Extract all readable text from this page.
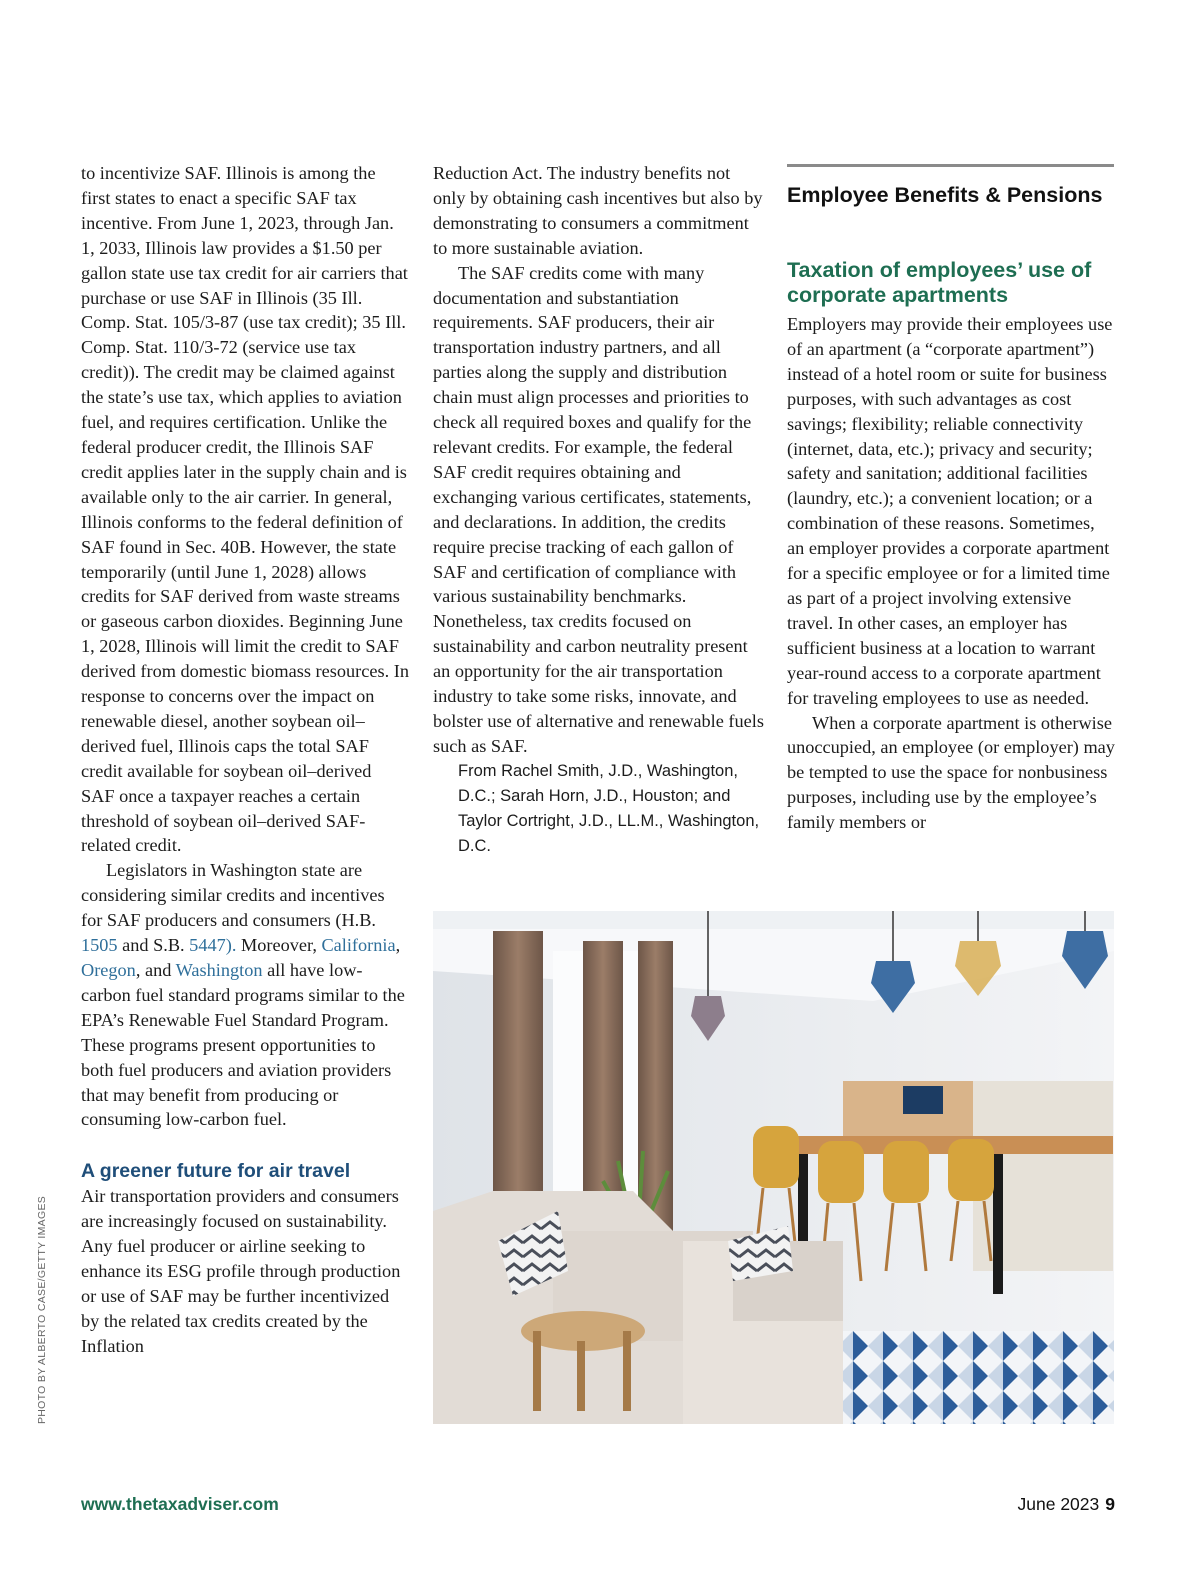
to incentivize SAF. Illinois is among the first states to enact a specific SAF tax incentive. From June 1, 2023, through Jan. 1, 2033, Illinois law provides a $1.50 per gallon state use tax credit for air carriers that purchase or use SAF in Illinois (35 Ill. Comp. Stat. 105/3-87 (use tax credit); 35 Ill. Comp. Stat. 110/3-72 (service use tax credit)). The credit may be claimed against the state’s use tax, which applies to aviation fuel, and requires certification. Unlike the federal producer credit, the Illinois SAF credit applies later in the supply chain and is available only to the air carrier. In general, Illinois conforms to the federal definition of SAF found in Sec. 40B. However, the state temporarily (until June 1, 2028) allows credits for SAF derived from waste streams or gaseous carbon dioxides. Beginning June 1, 2028, Illinois will limit the credit to SAF derived from domestic biomass resources. In response to concerns over the impact on renewable diesel, another soybean oil–derived fuel, Illinois caps the total SAF credit available for soybean oil–derived SAF once a taxpayer reaches a certain threshold of soybean oil–derived SAF-related credit.

Legislators in Washington state are considering similar credits and incentives for SAF producers and consumers (H.B. 1505 and S.B. 5447). Moreover, California, Oregon, and Washington all have low-carbon fuel standard programs similar to the EPA’s Renewable Fuel Standard Program. These programs present opportunities to both fuel producers and aviation providers that may benefit from producing or consuming low-carbon fuel.

A greener future for air travel

Air transportation providers and consumers are increasingly focused on sustainability. Any fuel producer or airline seeking to enhance its ESG profile through production or use of SAF may be further incentivized by the related tax credits created by the Inflation

Reduction Act. The industry benefits not only by obtaining cash incentives but also by demonstrating to consumers a commitment to more sustainable aviation.

The SAF credits come with many documentation and substantiation requirements. SAF producers, their air transportation industry partners, and all parties along the supply and distribution chain must align processes and priorities to check all required boxes and qualify for the relevant credits. For example, the federal SAF credit requires obtaining and exchanging various certificates, statements, and declarations. In addition, the credits require precise tracking of each gallon of SAF and certification of compliance with various sustainability benchmarks. Nonetheless, tax credits focused on sustainability and carbon neutrality present an opportunity for the air transportation industry to take some risks, innovate, and bolster use of alternative and renewable fuels such as SAF.

From Rachel Smith, J.D., Washington, D.C.; Sarah Horn, J.D., Houston; and Taylor Cortright, J.D., LL.M., Washington, D.C.

Employee Benefits & Pensions
Taxation of employees’ use of corporate apartments

Employers may provide their employees use of an apartment (a “corporate apartment”) instead of a hotel room or suite for business purposes, with such advantages as cost savings; flexibility; reliable connectivity (internet, data, etc.); privacy and security; safety and sanitation; additional facilities (laundry, etc.); a convenient location; or a combination of these reasons. Sometimes, an employer provides a corporate apartment for a specific employee or for a limited time as part of a project involving extensive travel. In other cases, an employer has sufficient business at a location to warrant year-round access to a corporate apartment for traveling employees to use as needed.

When a corporate apartment is otherwise unoccupied, an employee (or employer) may be tempted to use the space for nonbusiness purposes, including use by the employee’s family members or

PHOTO BY ALBERTO CASE/GETTY IMAGES
www.thetaxadviser.com	June 2023 9
